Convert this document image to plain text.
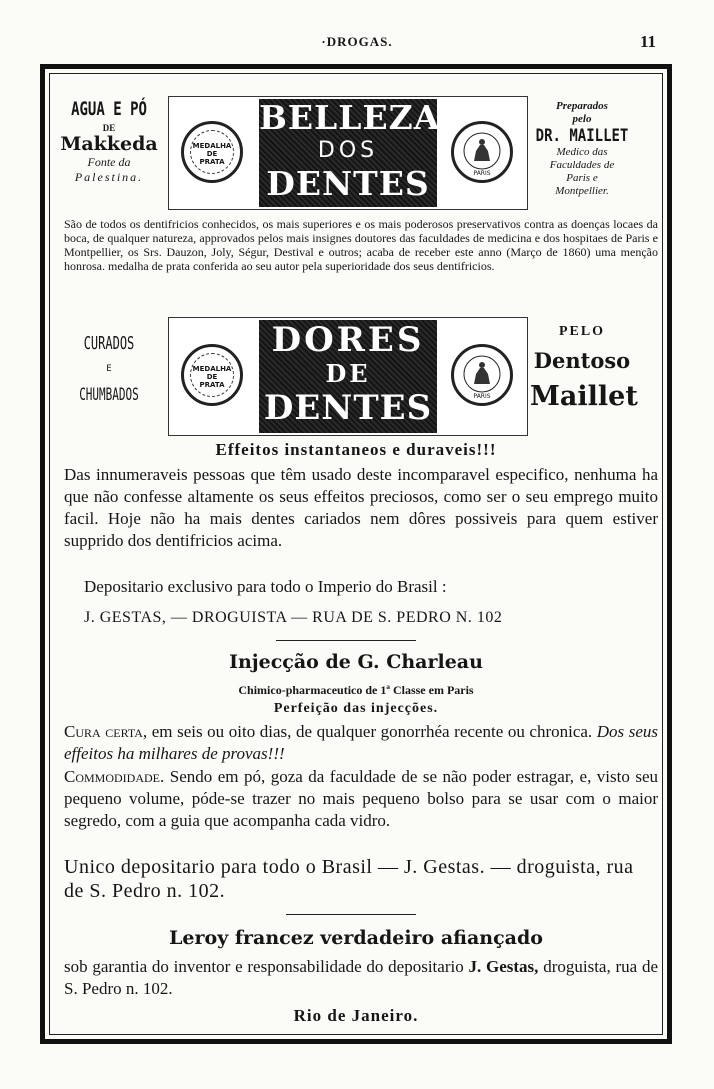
·DROGAS.	11
AGUA E PÓ
DE
Makkeda
Fonte da
Palestina.
MEDALHA
DE
PRATA
BELLEZA
DOS
DENTES	PARIS
Preparados
pelo
DR. MAILLET
Medico das
Faculdades de
Paris e
Montpellier.
São de todos os dentifricios conhecidos, os mais superiores e os mais poderosos preservativos contra as doenças locaes da boca, de qualquer natureza, approvados pelos mais insignes doutores das faculdades de medicina e dos hospitaes de Paris e Montpellier, os Srs. Dauzon, Joly, Ségur, Destival e outros; acaba de receber este anno (Março de 1860) uma menção honrosa. medalha de prata conferida ao seu autor pela superioridade dos seus dentifricios.
CURADOS
E
CHUMBADOS
MEDALHA
DE
PRATA
DORES
DE
DENTES	PARIS
PELO
Dentoso
Maillet
Effeitos instantaneos e duraveis!!!
Das innumeraveis pessoas que têm usado deste incomparavel especifico, nenhuma ha que não confesse altamente os seus effeitos preciosos, como ser o seu emprego muito facil. Hoje não ha mais dentes cariados nem dôres possiveis para quem estiver supprido dos dentifricios acima.
Depositario exclusivo para todo o Imperio do Brasil :
J. GESTAS, — DROGUISTA — RUA DE S. PEDRO N. 102
Injecção de G. Charleau
Chimico-pharmaceutico de 1ª Classe em Paris
Perfeição das injecções.
Cura certa, em seis ou oito dias, de qualquer gonorrhéa recente ou chronica. Dos seus effeitos ha milhares de provas!!!
Commodidade. Sendo em pó, goza da faculdade de se não poder estragar, e, visto seu pequeno volume, póde-se trazer no mais pequeno bolso para se usar com o maior segredo, com a guia que acompanha cada vidro.
Unico depositario para todo o Brasil — J. Gestas. — droguista, rua de S. Pedro n. 102.
Leroy francez verdadeiro afiançado
sob garantia do inventor e responsabilidade do depositario J. Gestas, droguista, rua de S. Pedro n. 102.
Rio de Janeiro.
